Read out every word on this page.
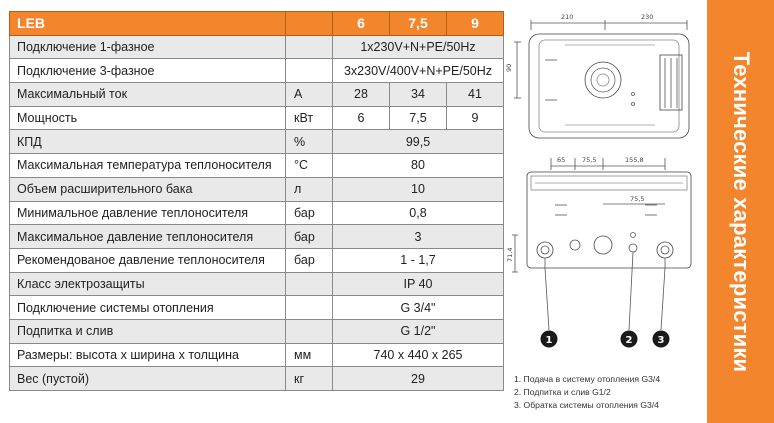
LEB		6	7,5	9
Подключение 1-фазное		1x230V+N+PE/50Hz		
Подключение 3-фазное		3x230V/400V+N+PE/50Hz		
Максимальный ток	А	28	34	41
Мощность	кВт	6	7,5	9
КПД	%	99,5		
Максимальная температура теплоносителя	°С	80		
Объем расширительного бака	л	10		
Минимальное давление теплоносителя	бар	0,8		
Максимальное давление теплоносителя	бар	3		
Рекомендованое давление теплоносителя	бар	1 - 1,7		
Класс электрозащиты		IP 40		
Подключение системы отопления		G 3/4"		
Подпитка и слив		G 1/2"		
Размеры: высота х ширина х толщина	мм	740 х 440 х 265		
Вес (пустой)	кг	29		
210	230
90
65	75,5	155,8
75,5
71,4
1	2	3
1. Подача в систему отопления G3/4
2. Подпитка и слив G1/2
3. Обратка системы отопления G3/4
Технические характеристики
